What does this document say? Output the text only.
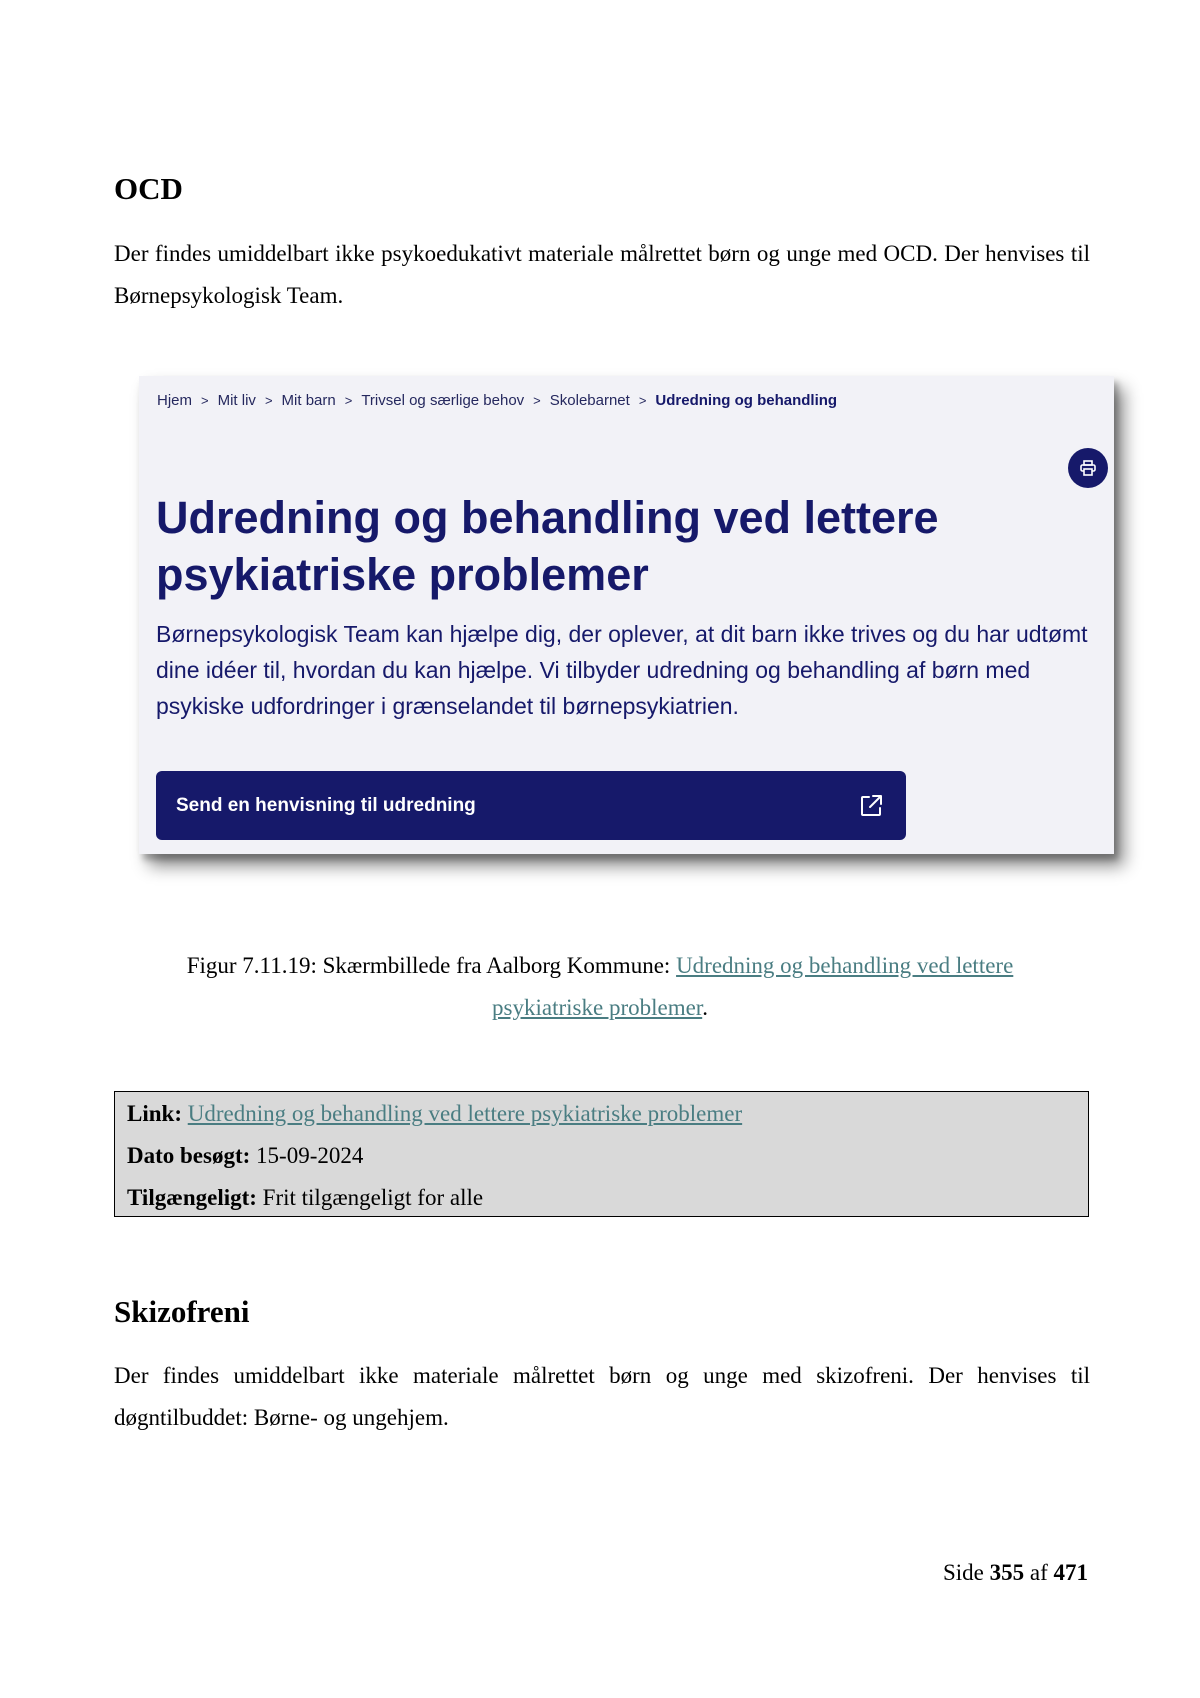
OCD

Der findes umiddelbart ikke psykoedukativt materiale målrettet børn og unge med OCD. Der henvises til Børnepsykologisk Team.

Hjem > Mit liv > Mit barn > Trivsel og særlige behov > Skolebarnet > Udredning og behandling
Udredning og behandling ved lettere psykiatriske problemer

Børnepsykologisk Team kan hjælpe dig, der oplever, at dit barn ikke trives og du har udtømt dine idéer til, hvordan du kan hjælpe. Vi tilbyder udredning og behandling af børn med psykiske udfordringer i grænselandet til børnepsykiatrien.

Send en henvisning til udredning
Figur 7.11.19: Skærmbillede fra Aalborg Kommune: Udredning og behandling ved lettere psykiatriske problemer.
Link: Udredning og behandling ved lettere psykiatriske problemer
Dato besøgt: 15-09-2024
Tilgængeligt: Frit tilgængeligt for alle
Skizofreni

Der findes umiddelbart ikke materiale målrettet børn og unge med skizofreni. Der henvises til døgntilbuddet: Børne- og ungehjem.

Side 355 af 471
